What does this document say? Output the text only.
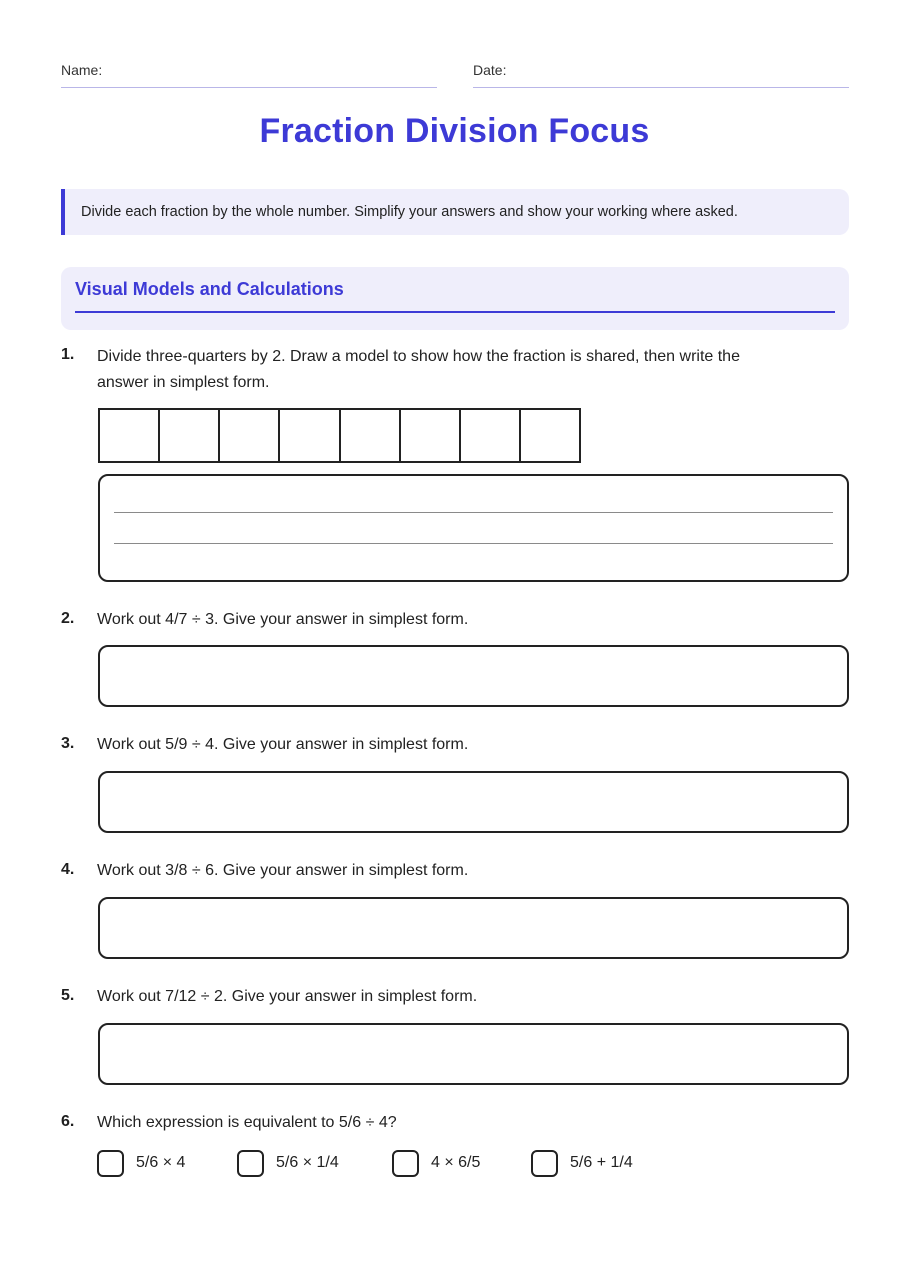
Name:	Date:
Fraction Division Focus
Divide each fraction by the whole number. Simplify your answers and show your working where asked.
Visual Models and Calculations
1. Divide three-quarters by 2. Draw a model to show how the fraction is shared, then write the
answer in simplest form.
2. Work out 4/7 ÷ 3. Give your answer in simplest form.
3. Work out 5/9 ÷ 4. Give your answer in simplest form.
4. Work out 3/8 ÷ 6. Give your answer in simplest form.
5. Work out 7/12 ÷ 2. Give your answer in simplest form.
6. Which expression is equivalent to 5/6 ÷ 4?
5/6 × 4	5/6 × 1/4	4 × 6/5	5/6 + 1/4
